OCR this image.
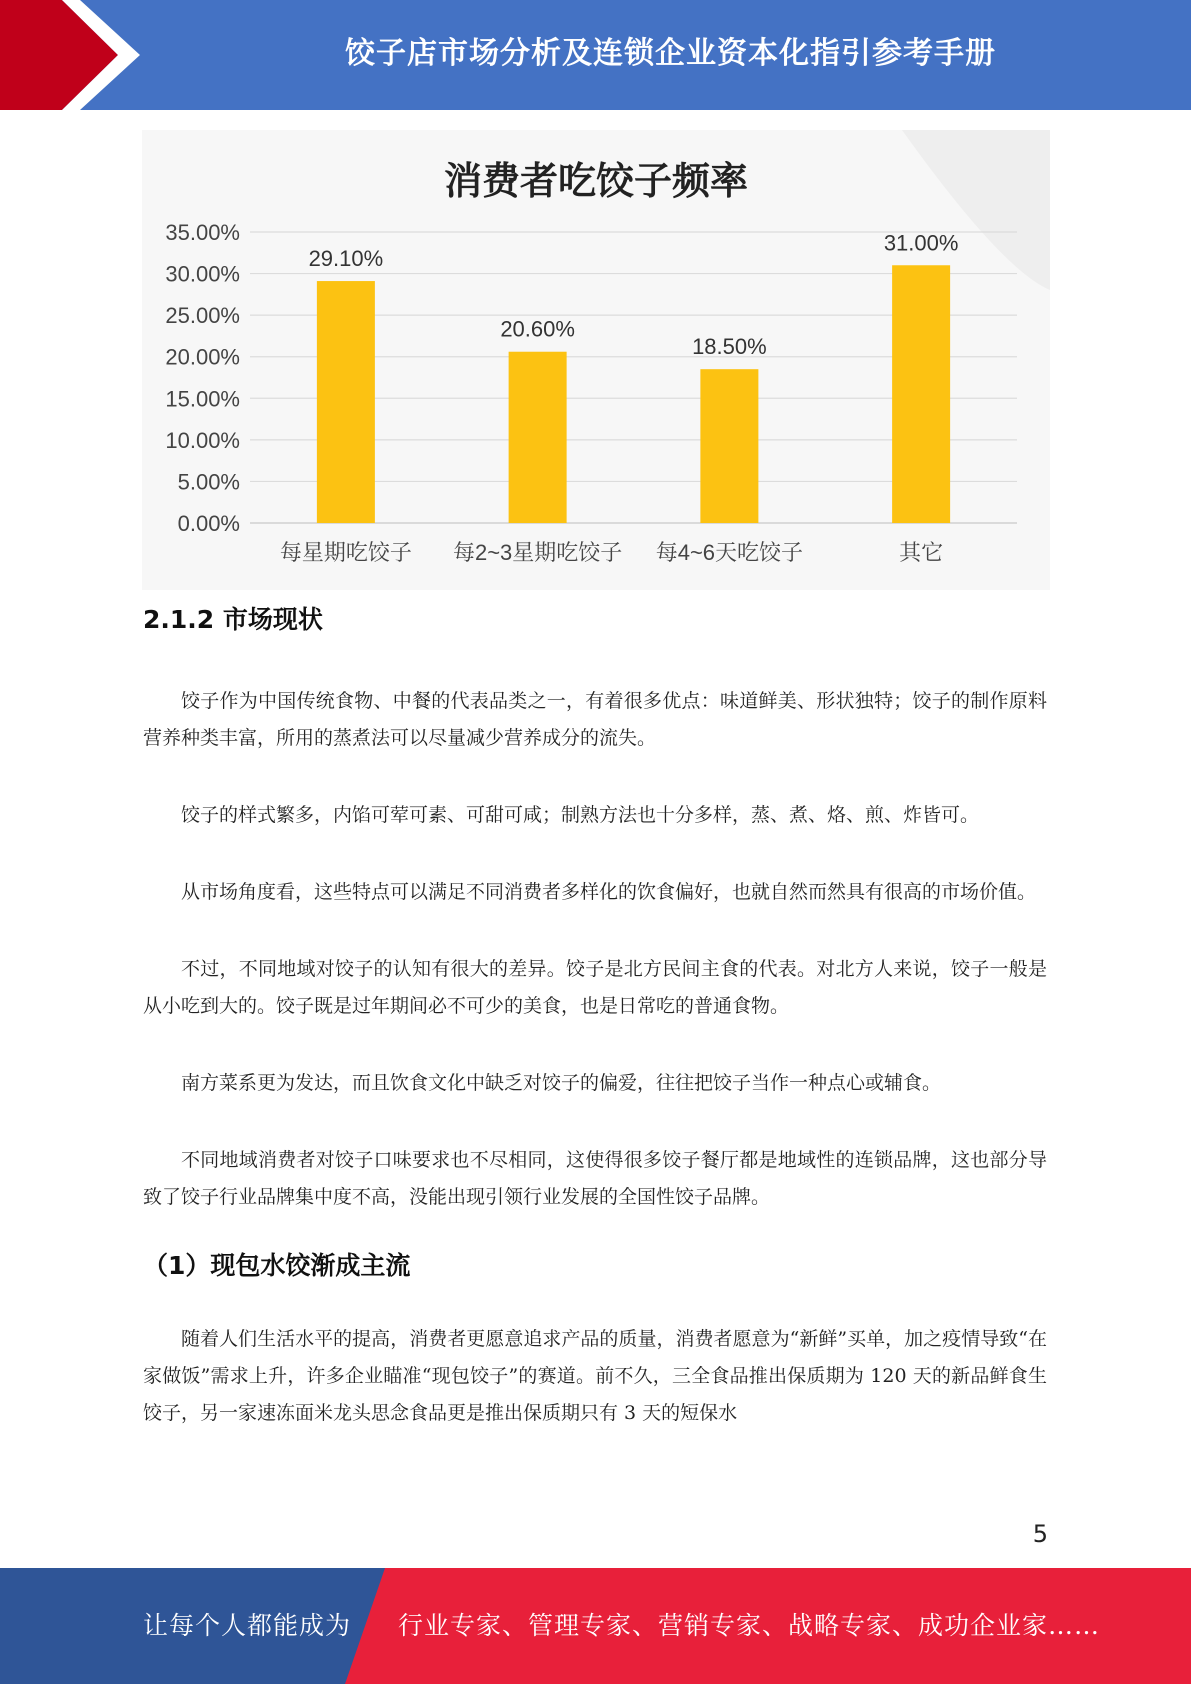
饺子店市场分析及连锁企业资本化指引参考手册
0.00%
5.00%
10.00%
15.00%
20.00%
25.00%
30.00%
35.00%
29.10%
每星期吃饺子
20.60%
每2~3星期吃饺子
18.50%
每4~6天吃饺子
31.00%
其它
消费者吃饺子频率
2.1.2 市场现状

饺子作为中国传统食物、中餐的代表品类之一，有着很多优点：味道鲜美、形状独特；饺子的制作原料营养种类丰富，所用的蒸煮法可以尽量减少营养成分的流失。

饺子的样式繁多，内馅可荤可素、可甜可咸；制熟方法也十分多样，蒸、煮、烙、煎、炸皆可。

从市场角度看，这些特点可以满足不同消费者多样化的饮食偏好，也就自然而然具有很高的市场价值。

不过，不同地域对饺子的认知有很大的差异。饺子是北方民间主食的代表。对北方人来说，饺子一般是从小吃到大的。饺子既是过年期间必不可少的美食，也是日常吃的普通食物。

南方菜系更为发达，而且饮食文化中缺乏对饺子的偏爱，往往把饺子当作一种点心或辅食。

不同地域消费者对饺子口味要求也不尽相同，这使得很多饺子餐厅都是地域性的连锁品牌，这也部分导致了饺子行业品牌集中度不高，没能出现引领行业发展的全国性饺子品牌。

（1）现包水饺渐成主流

随着人们生活水平的提高，消费者更愿意追求产品的质量，消费者愿意为“新鲜”买单，加之疫情导致“在家做饭”需求上升，许多企业瞄准“现包饺子”的赛道。前不久，三全食品推出保质期为 120 天的新品鲜食生饺子，另一家速冻面米龙头思念食品更是推出保质期只有 3 天的短保水

5
让每个人都能成为 行业专家、管理专家、营销专家、战略专家、成功企业家……
